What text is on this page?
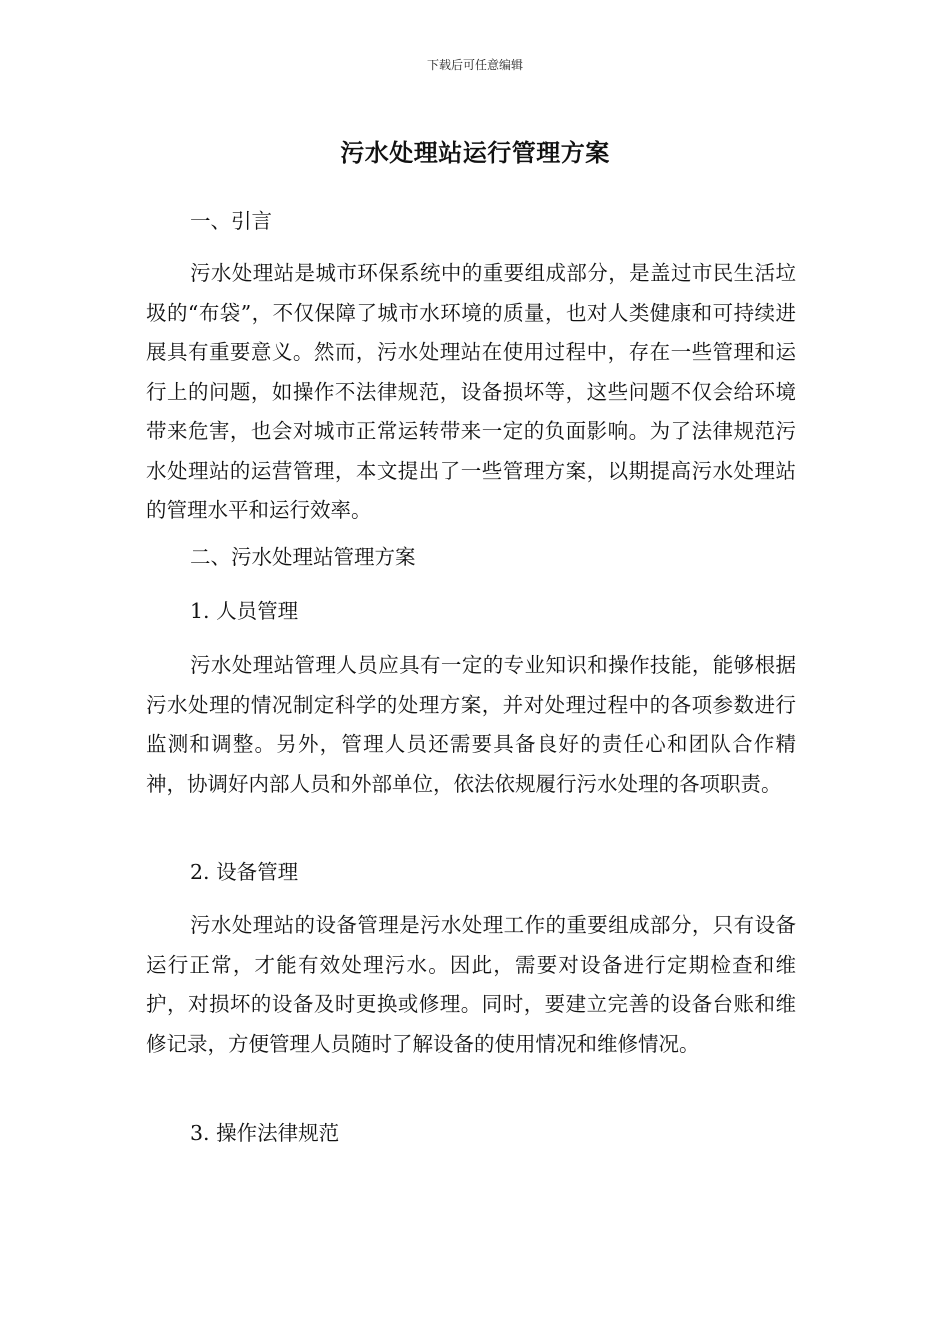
下载后可任意编辑
污水处理站运行管理方案

一、引言

污水处理站是城市环保系统中的重要组成部分，是盖过市民生活垃圾的“布袋”，不仅保障了城市水环境的质量，也对人类健康和可持续进展具有重要意义。然而，污水处理站在使用过程中，存在一些管理和运行上的问题，如操作不法律规范，设备损坏等，这些问题不仅会给环境带来危害，也会对城市正常运转带来一定的负面影响。为了法律规范污水处理站的运营管理，本文提出了一些管理方案，以期提高污水处理站的管理水平和运行效率。

二、污水处理站管理方案

1. 人员管理

污水处理站管理人员应具有一定的专业知识和操作技能，能够根据污水处理的情况制定科学的处理方案，并对处理过程中的各项参数进行监测和调整。另外，管理人员还需要具备良好的责任心和团队合作精神，协调好内部人员和外部单位，依法依规履行污水处理的各项职责。

2. 设备管理

污水处理站的设备管理是污水处理工作的重要组成部分，只有设备运行正常，才能有效处理污水。因此，需要对设备进行定期检查和维护，对损坏的设备及时更换或修理。同时，要建立完善的设备台账和维修记录，方便管理人员随时了解设备的使用情况和维修情况。

3. 操作法律规范
